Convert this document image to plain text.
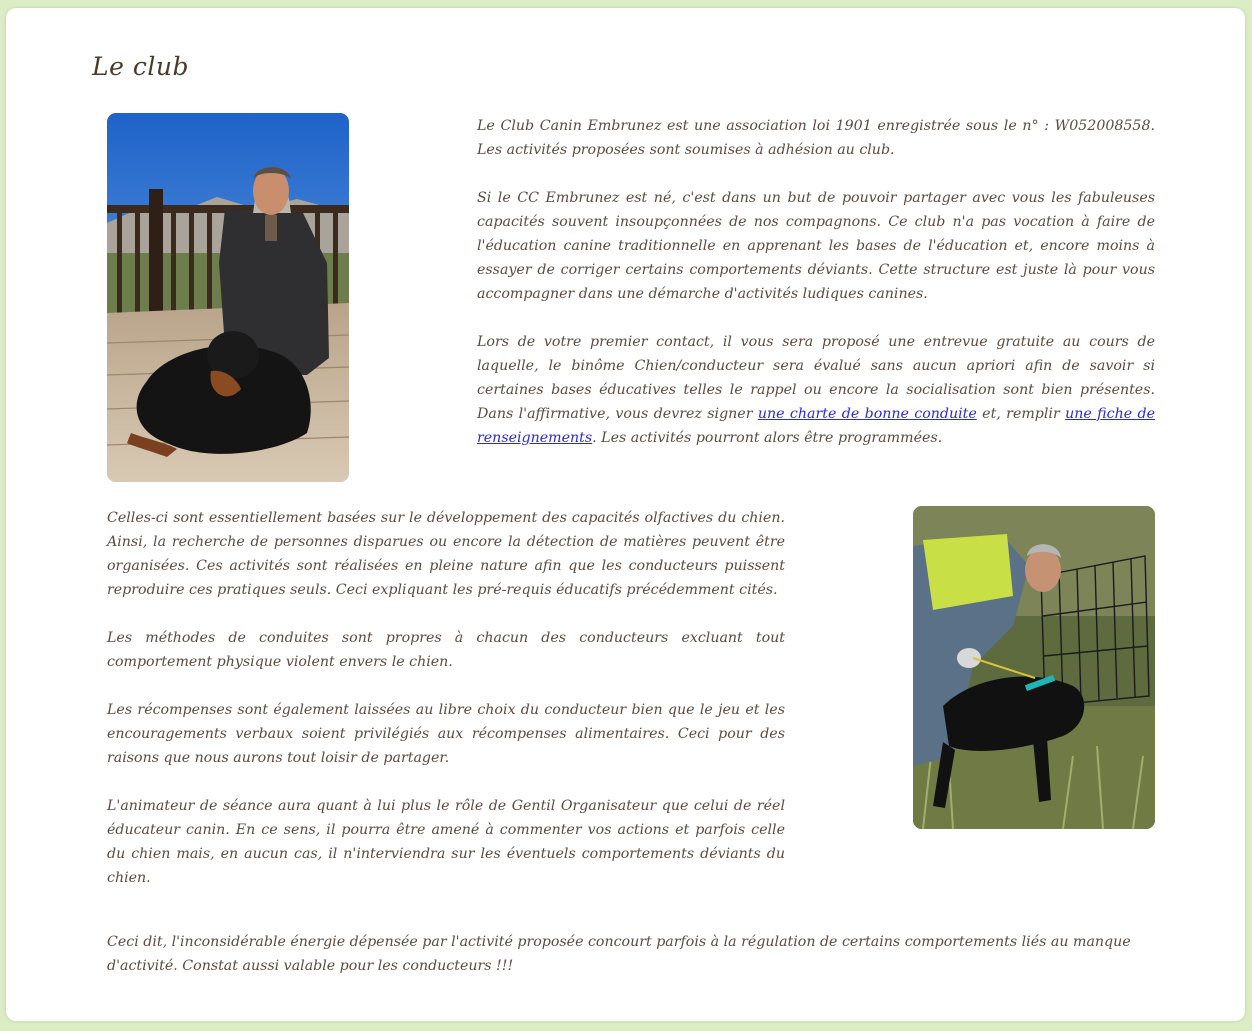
Le club

Le Club Canin Embrunez est une association loi 1901 enregistrée sous le n° : W052008558. Les activités proposées sont soumises à adhésion au club.

Si le CC Embrunez est né, c'est dans un but de pouvoir partager avec vous les fabuleuses capacités souvent insoupçonnées de nos compagnons. Ce club n'a pas vocation à faire de l'éducation canine traditionnelle en apprenant les bases de l'éducation et, encore moins à essayer de corriger certains comportements déviants. Cette structure est juste là pour vous accompagner dans une démarche d'activités ludiques canines.

Lors de votre premier contact, il vous sera proposé une entrevue gratuite au cours de laquelle, le binôme Chien/conducteur sera évalué sans aucun apriori afin de savoir si certaines bases éducatives telles le rappel ou encore la socialisation sont bien présentes. Dans l'affirmative, vous devrez signer une charte de bonne conduite et, remplir une fiche de renseignements. Les activités pourront alors être programmées.

Celles-ci sont essentiellement basées sur le développement des capacités olfactives du chien. Ainsi, la recherche de personnes disparues ou encore la détection de matières peuvent être organisées. Ces activités sont réalisées en pleine nature afin que les conducteurs puissent reproduire ces pratiques seuls. Ceci expliquant les pré-requis éducatifs précédemment cités.

Les méthodes de conduites sont propres à chacun des conducteurs excluant tout comportement physique violent envers le chien.

Les récompenses sont également laissées au libre choix du conducteur bien que le jeu et les encouragements verbaux soient privilégiés aux récompenses alimentaires. Ceci pour des raisons que nous aurons tout loisir de partager.

L'animateur de séance aura quant à lui plus le rôle de Gentil Organisateur que celui de réel éducateur canin. En ce sens, il pourra être amené à commenter vos actions et parfois celle du chien mais, en aucun cas, il n'interviendra sur les éventuels comportements déviants du chien.

Ceci dit, l'inconsidérable énergie dépensée par l'activité proposée concourt parfois à la régulation de certains comportements liés au manque d'activité. Constat aussi valable pour les conducteurs !!!
